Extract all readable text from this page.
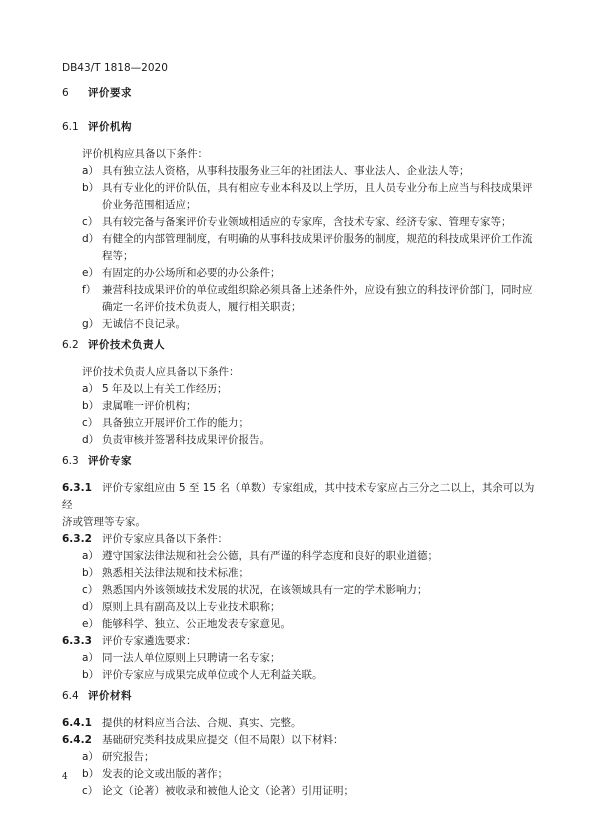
DB43/T 1818—2020
6 评价要求
6.1 评价机构
评价机构应具备以下条件：
a） 具有独立法人资格，从事科技服务业三年的社团法人、事业法人、企业法人等；
b） 具有专业化的评价队伍，具有相应专业本科及以上学历，且人员专业分布上应当与科技成果评
价业务范围相适应；
c） 具有较完备与备案评价专业领域相适应的专家库，含技术专家、经济专家、管理专家等；
d） 有健全的内部管理制度，有明确的从事科技成果评价服务的制度，规范的科技成果评价工作流
程等；
e） 有固定的办公场所和必要的办公条件；
f） 兼营科技成果评价的单位或组织除必须具备上述条件外，应设有独立的科技评价部门，同时应
确定一名评价技术负责人，履行相关职责；
g） 无诚信不良记录。
6.2 评价技术负责人
评价技术负责人应具备以下条件：
a） 5 年及以上有关工作经历；
b） 隶属唯一评价机构；
c） 具备独立开展评价工作的能力；
d） 负责审核并签署科技成果评价报告。
6.3 评价专家
6.3.1 评价专家组应由 5 至 15 名（单数）专家组成，其中技术专家应占三分之二以上，其余可以为经
济或管理等专家。
6.3.2 评价专家应具备以下条件：
a） 遵守国家法律法规和社会公德，具有严谨的科学态度和良好的职业道德；
b） 熟悉相关法律法规和技术标准；
c） 熟悉国内外该领域技术发展的状况，在该领域具有一定的学术影响力；
d） 原则上具有副高及以上专业技术职称；
e） 能够科学、独立、公正地发表专家意见。
6.3.3 评价专家遴选要求：
a） 同一法人单位原则上只聘请一名专家；
b） 评价专家应与成果完成单位或个人无利益关联。
6.4 评价材料
6.4.1 提供的材料应当合法、合规、真实、完整。
6.4.2 基础研究类科技成果应提交（但不局限）以下材料：
a） 研究报告；
b） 发表的论文或出版的著作；
c） 论文（论著）被收录和被他人论文（论著）引用证明；
4
